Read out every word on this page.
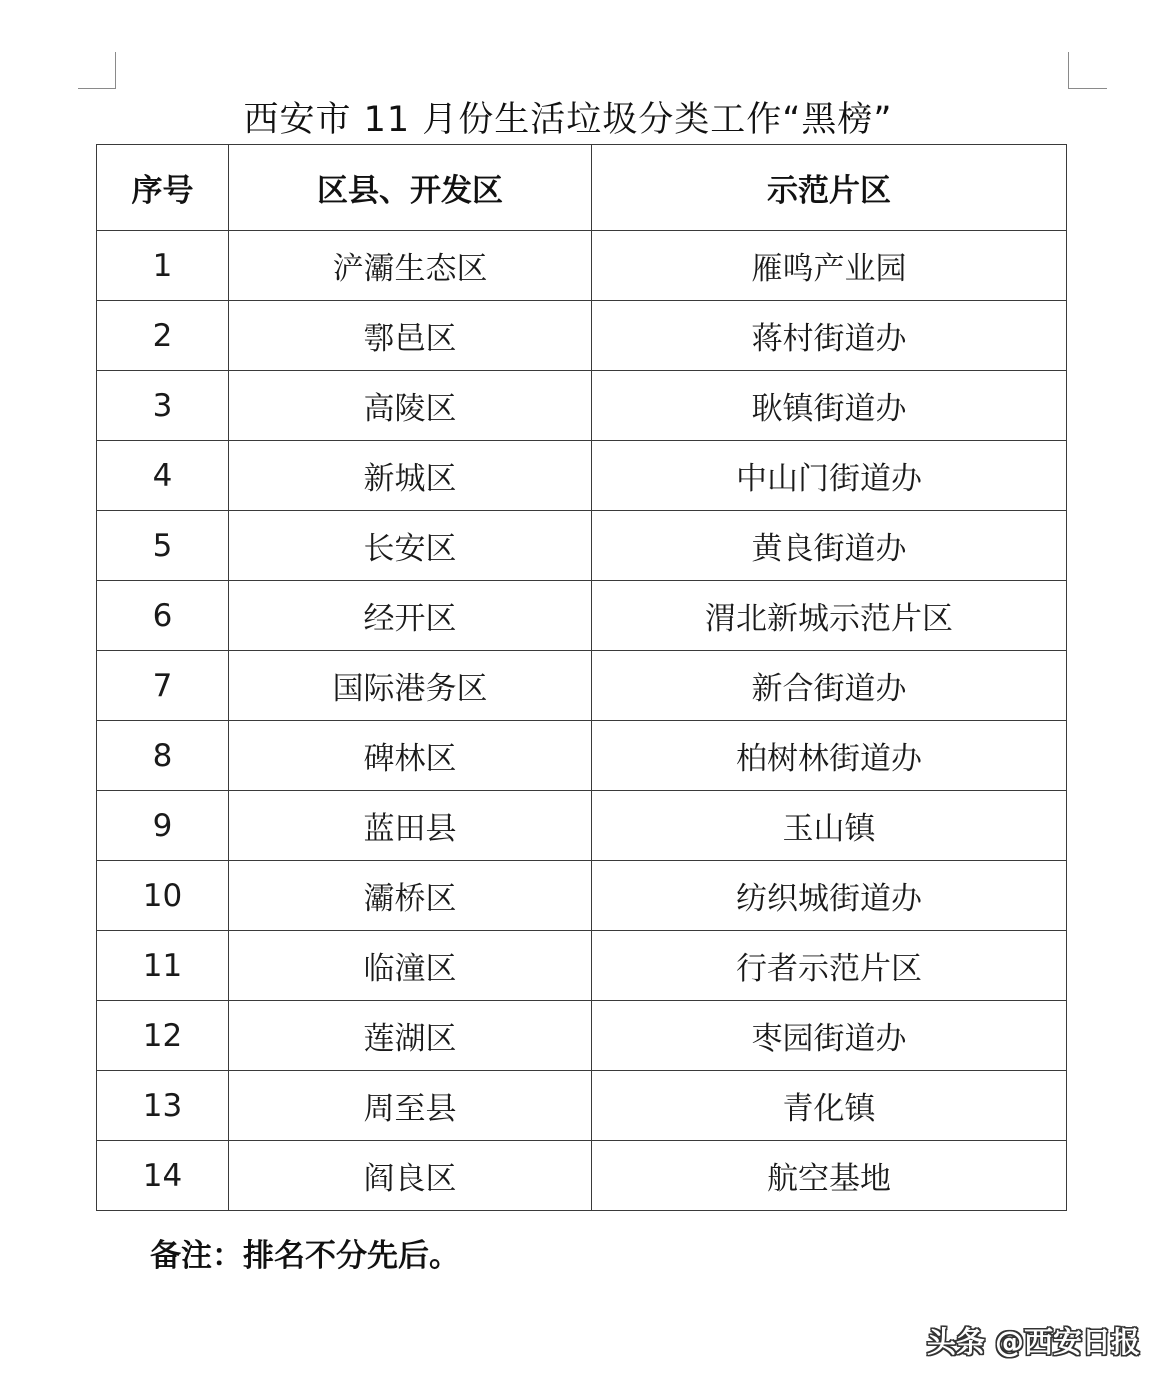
西安市 11 月份生活垃圾分类工作“黑榜”
序号	区县、开发区	示范片区
1	浐灞生态区	雁鸣产业园
2	鄠邑区	蒋村街道办
3	高陵区	耿镇街道办
4	新城区	中山门街道办
5	长安区	黄良街道办
6	经开区	渭北新城示范片区
7	国际港务区	新合街道办
8	碑林区	柏树林街道办
9	蓝田县	玉山镇
10	灞桥区	纺织城街道办
11	临潼区	行者示范片区
12	莲湖区	枣园街道办
13	周至县	青化镇
14	阎良区	航空基地
备注：排名不分先后。
头条 @西安日报
